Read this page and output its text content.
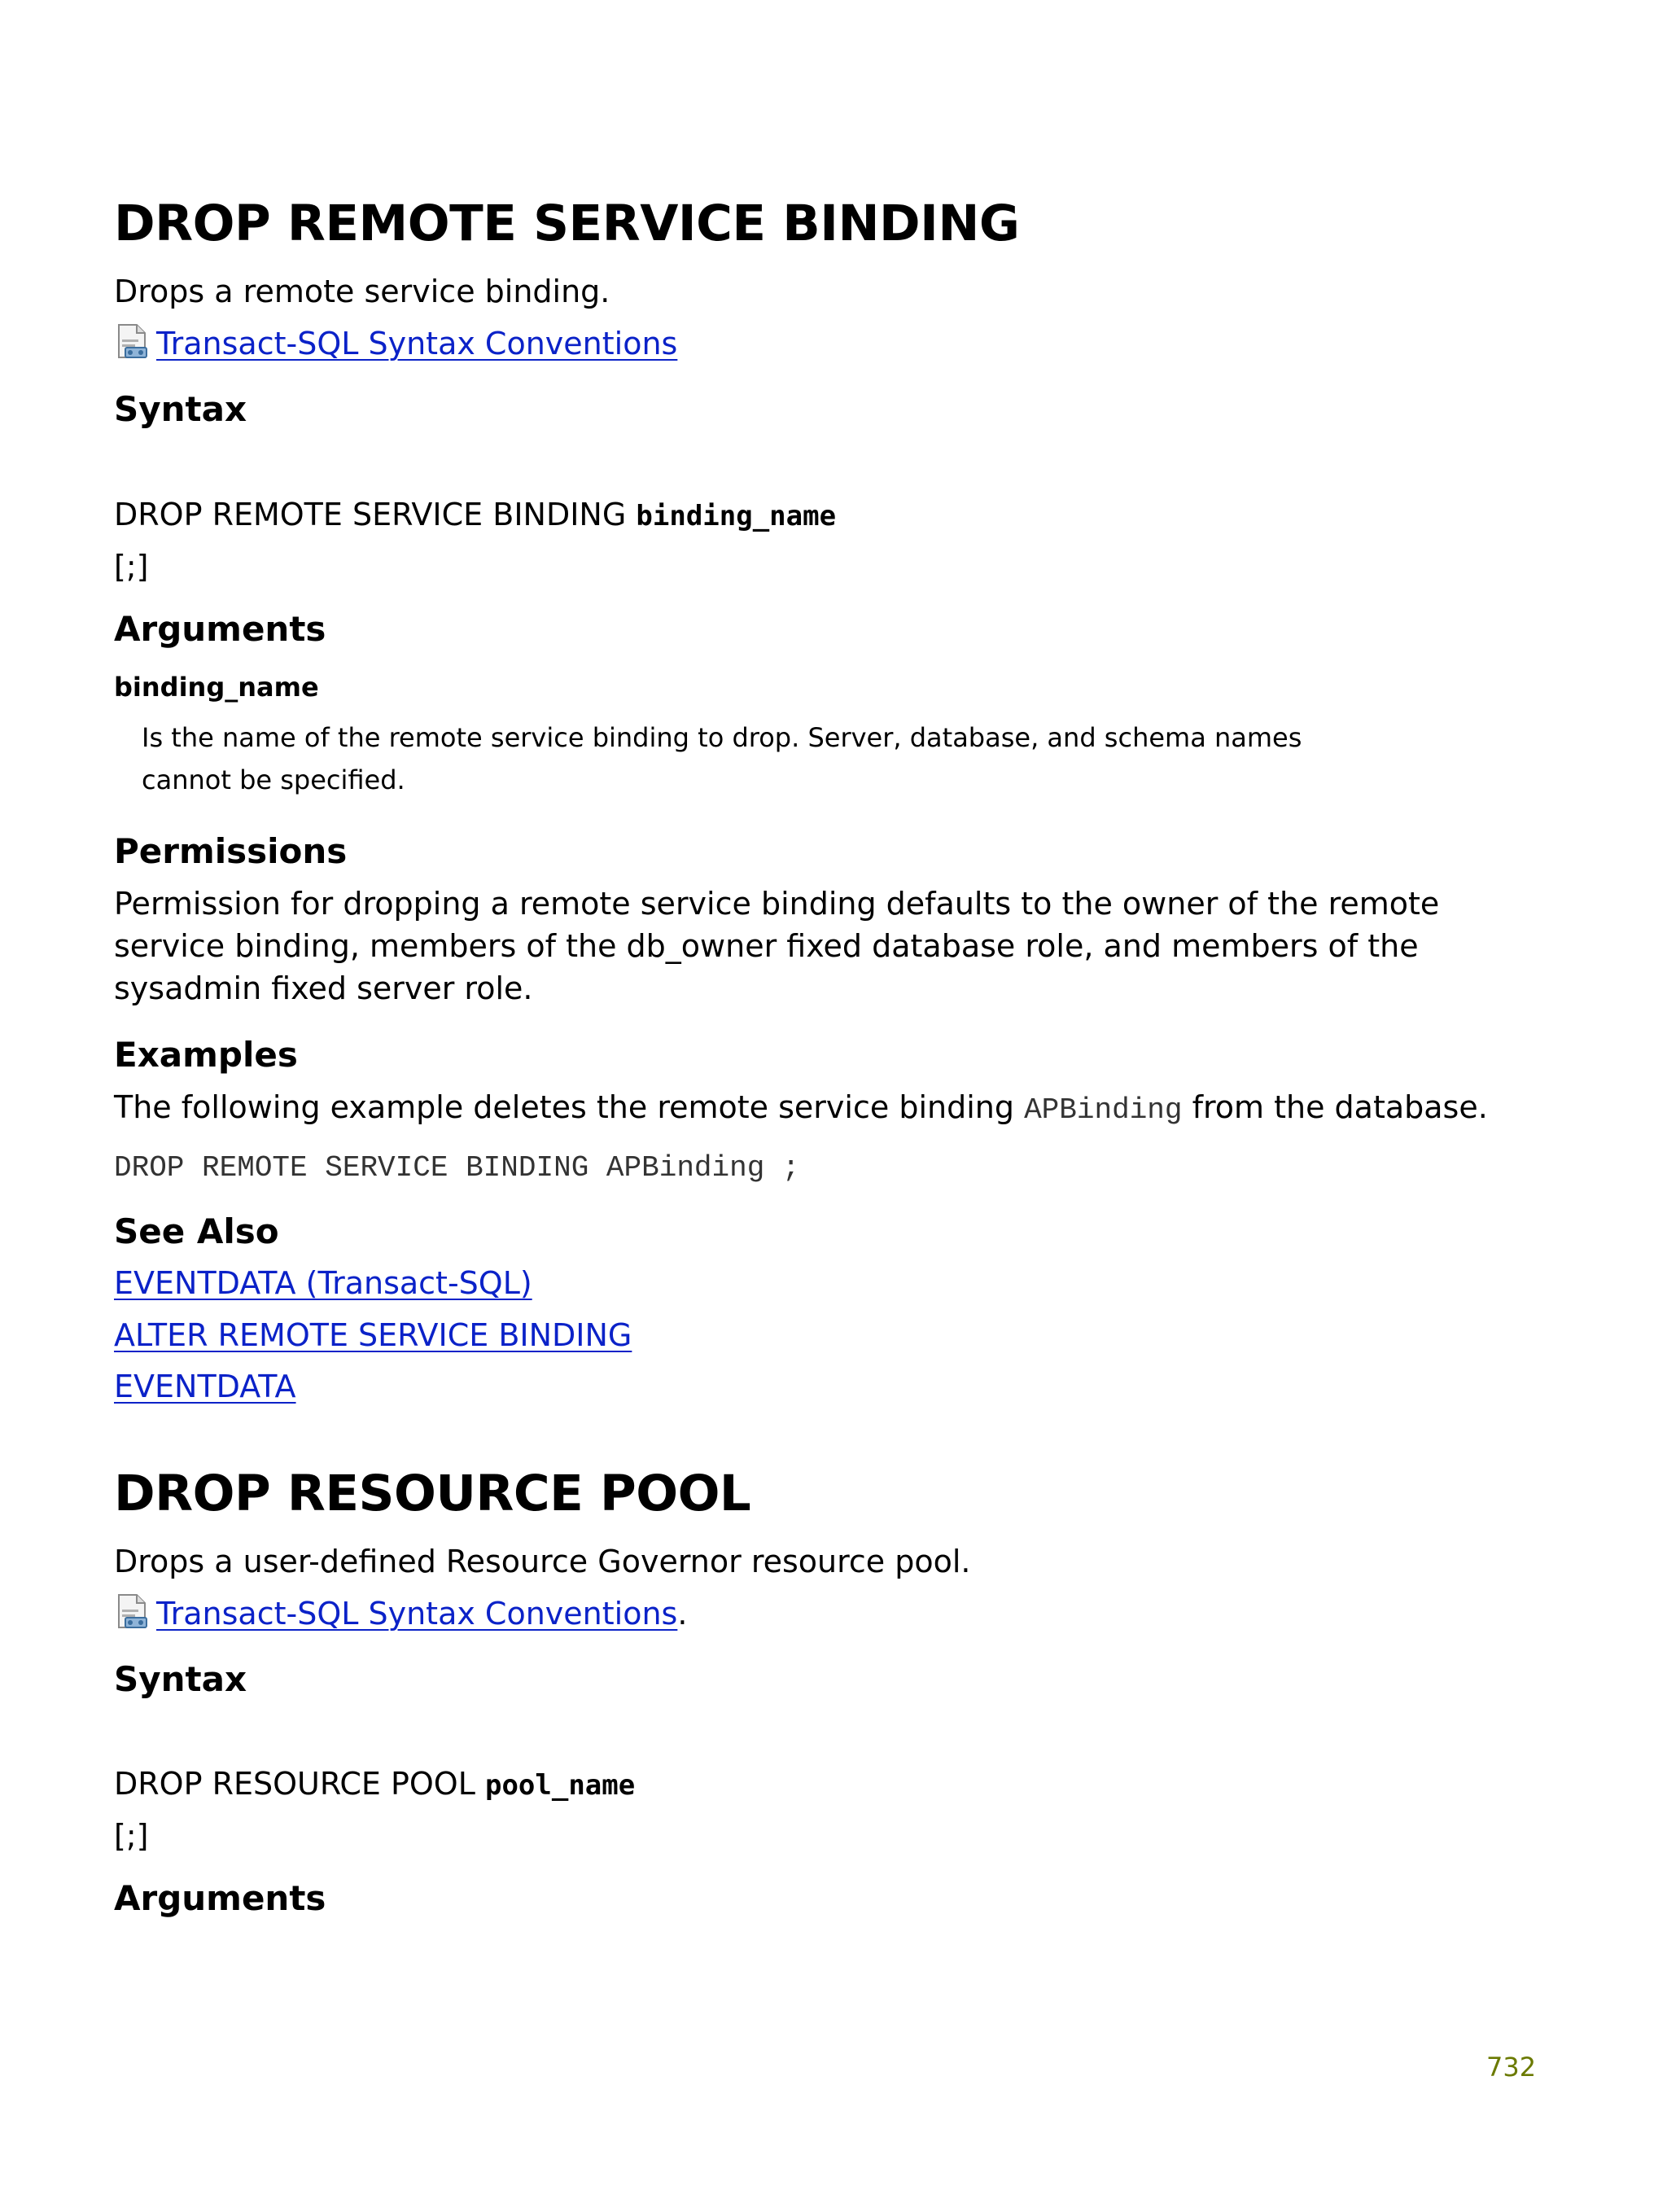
DROP REMOTE SERVICE BINDING
Drops a remote service binding.
Transact-SQL Syntax Conventions
Syntax
DROP REMOTE SERVICE BINDING binding_name
[;]
Arguments
binding_name
Is the name of the remote service binding to drop. Server, database, and schema names cannot be specified.
Permissions
Permission for dropping a remote service binding defaults to the owner of the remote service binding, members of the db_owner fixed database role, and members of the sysadmin fixed server role.
Examples
The following example deletes the remote service binding APBinding from the database.
DROP REMOTE SERVICE BINDING APBinding ;
See Also
EVENTDATA (Transact-SQL)
ALTER REMOTE SERVICE BINDING
EVENTDATA
DROP RESOURCE POOL
Drops a user-defined Resource Governor resource pool.
Transact-SQL Syntax Conventions.
Syntax
DROP RESOURCE POOL pool_name
[;]
Arguments
732
